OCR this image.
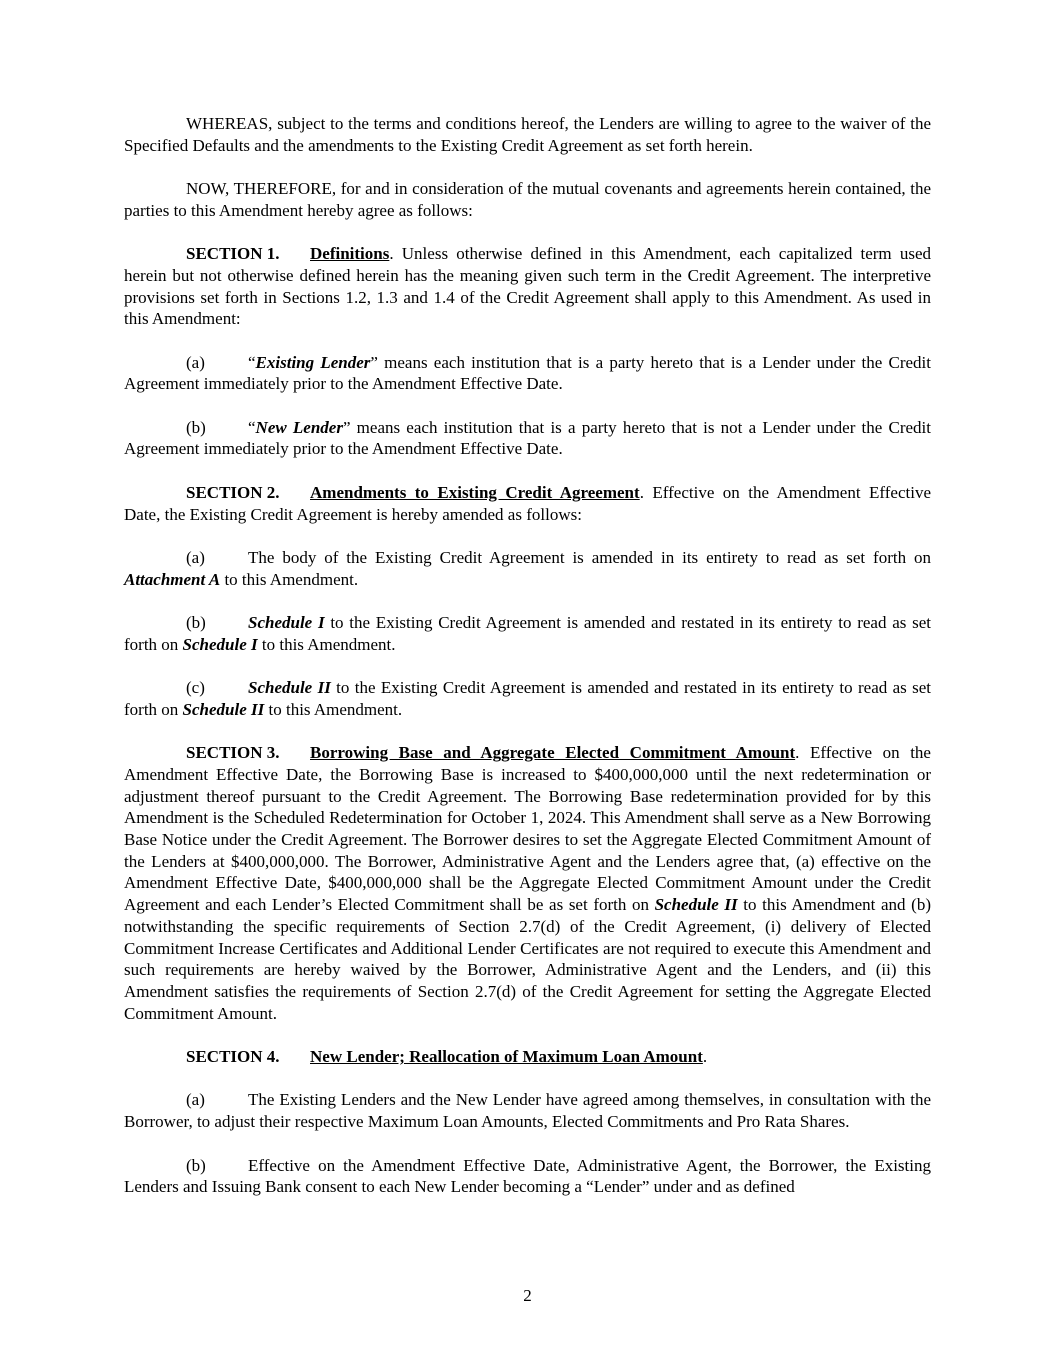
WHEREAS, subject to the terms and conditions hereof, the Lenders are willing to agree to the waiver of the Specified Defaults and the amendments to the Existing Credit Agreement as set forth herein.

NOW, THEREFORE, for and in consideration of the mutual covenants and agreements herein contained, the parties to this Amendment hereby agree as follows:

SECTION 1. Definitions. Unless otherwise defined in this Amendment, each capitalized term used herein but not otherwise defined herein has the meaning given such term in the Credit Agreement. The interpretive provisions set forth in Sections 1.2, 1.3 and 1.4 of the Credit Agreement shall apply to this Amendment. As used in this Amendment:

(a)	“Existing Lender” means each institution that is a party hereto that is a Lender under the Credit Agreement immediately prior to the Amendment Effective Date.

(b) “New Lender” means each institution that is a party hereto that is not a Lender under the Credit Agreement immediately prior to the Amendment Effective Date.

SECTION 2. Amendments to Existing Credit Agreement. Effective on the Amendment Effective Date, the Existing Credit Agreement is hereby amended as follows:

(a)	The body of the Existing Credit Agreement is amended in its entirety to read as set forth on Attachment A to this Amendment.

(b) Schedule I to the Existing Credit Agreement is amended and restated in its entirety to read as set forth on Schedule I to this Amendment.

(c)	Schedule II to the Existing Credit Agreement is amended and restated in its entirety to read as set forth on Schedule II to this Amendment.

SECTION 3. Borrowing Base and Aggregate Elected Commitment Amount. Effective on the Amendment Effective Date, the Borrowing Base is increased to $400,000,000 until the next redetermination or adjustment thereof pursuant to the Credit Agreement. The Borrowing Base redetermination provided for by this Amendment is the Scheduled Redetermination for October 1, 2024. This Amendment shall serve as a New Borrowing Base Notice under the Credit Agreement. The Borrower desires to set the Aggregate Elected Commitment Amount of the Lenders at $400,000,000. The Borrower, Administrative Agent and the Lenders agree that, (a) effective on the Amendment Effective Date, $400,000,000 shall be the Aggregate Elected Commitment Amount under the Credit Agreement and each Lender’s Elected Commitment shall be as set forth on Schedule II to this Amendment and (b) notwithstanding the specific requirements of Section 2.7(d) of the Credit Agreement, (i) delivery of Elected Commitment Increase Certificates and Additional Lender Certificates are not required to execute this Amendment and such requirements are hereby waived by the Borrower, Administrative Agent and the Lenders, and (ii) this Amendment satisfies the requirements of Section 2.7(d) of the Credit Agreement for setting the Aggregate Elected Commitment Amount.

SECTION 4. New Lender; Reallocation of Maximum Loan Amount.

(a)	The Existing Lenders and the New Lender have agreed among themselves, in consultation with the Borrower, to adjust their respective Maximum Loan Amounts, Elected Commitments and Pro Rata Shares.

(b) Effective on the Amendment Effective Date, Administrative Agent, the Borrower, the Existing Lenders and Issuing Bank consent to each New Lender becoming a “Lender” under and as defined

2
